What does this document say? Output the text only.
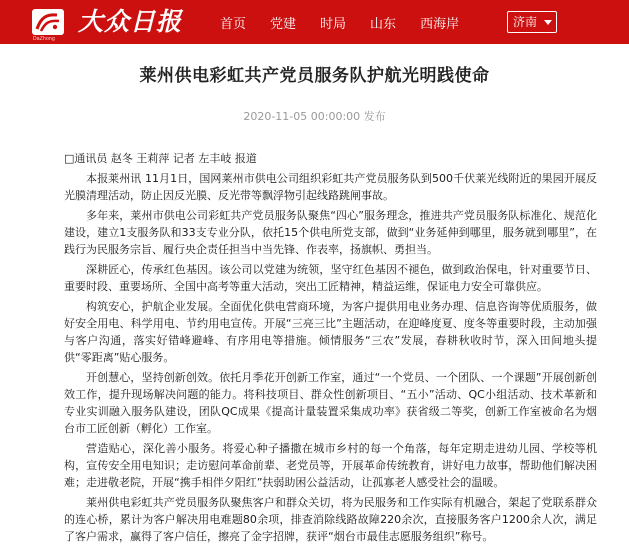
DaZhong
大众日报	首页 党建 时局 山东 西海岸	济南
莱州供电彩虹共产党员服务队护航光明践使命
2020-11-05 00:00:00 发布

□通讯员 赵冬 王莉萍 记者 左丰岐 报道

本报莱州讯 11月1日，国网莱州市供电公司组织彩虹共产党员服务队到500千伏莱光线附近的果园开展反光膜清理活动，防止因反光膜、反光带等飘浮物引起线路跳闸事故。

多年来，莱州市供电公司彩虹共产党员服务队聚焦“四心”服务理念，推进共产党员服务队标准化、规范化建设，建立1支服务队和33支专业分队，依托15个供电所党支部，做到“业务延伸到哪里，服务就到哪里”，在践行为民服务宗旨、履行央企责任担当中当先锋、作表率，扬旗帜、勇担当。

深耕匠心，传承红色基因。该公司以党建为统领，坚守红色基因不褪色，做到政治保电，针对重要节日、重要时段、重要场所、全国中高考等重大活动，突出工匠精神，精益运维，保证电力安全可靠供应。

构筑安心，护航企业发展。全面优化供电营商环境，为客户提供用电业务办理、信息咨询等优质服务，做好安全用电、科学用电、节约用电宣传。开展“三亮三比”主题活动，在迎峰度夏、度冬等重要时段，主动加强与客户沟通，落实好错峰避峰、有序用电等措施。倾情服务“三农”发展，春耕秋收时节，深入田间地头提供“零距离”贴心服务。

开创慧心，坚持创新创效。依托月季花开创新工作室，通过“一个党员、一个团队、一个课题”开展创新创效工作，提升现场解决问题的能力。将科技项目、群众性创新项目、“五小”活动、QC小组活动、技术革新和专业实训融入服务队建设，团队QC成果《提高计量装置采集成功率》获省级二等奖，创新工作室被命名为烟台市工匠创新（孵化）工作室。

营造贴心，深化善小服务。将爱心种子播撒在城市乡村的每一个角落，每年定期走进幼儿园、学校等机构，宣传安全用电知识；走访慰问革命前辈、老党员等，开展革命传统教育，讲好电力故事，帮助他们解决困难；走进敬老院，开展“携手相伴夕阳红”扶弱助困公益活动，让孤寡老人感受社会的温暖。

莱州供电彩虹共产党员服务队聚焦客户和群众关切，将为民服务和工作实际有机融合，架起了党联系群众的连心桥，累计为客户解决用电难题80余项，排查消除线路故障220余次，直接服务客户1200余人次，满足了客户需求，赢得了客户信任，擦亮了金字招牌，获评“烟台市最佳志愿服务组织”称号。
